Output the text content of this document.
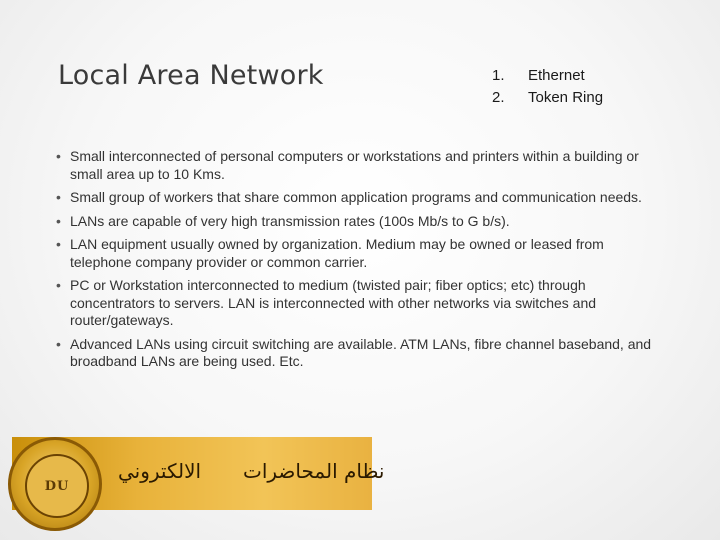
Local Area Network	1.	Ethernet
2.	Token Ring
• Small interconnected of personal computers or workstations and printers within a building or small area up to 10 Kms.
• Small group of workers that share common application programs and communication needs.
• LANs are capable of very high transmission rates (100s Mb/s to G b/s).
• LAN equipment usually owned by organization. Medium may be owned or leased from telephone company provider or common carrier.
• PC or Workstation interconnected to medium (twisted pair; fiber optics; etc) through concentrators to servers. LAN is interconnected with other networks via switches and router/gateways.
• Advanced LANs using circuit switching are available. ATM LANs, fibre channel baseband, and broadband LANs are being used. Etc.
DU
الالكتروني نظام المحاضرات
